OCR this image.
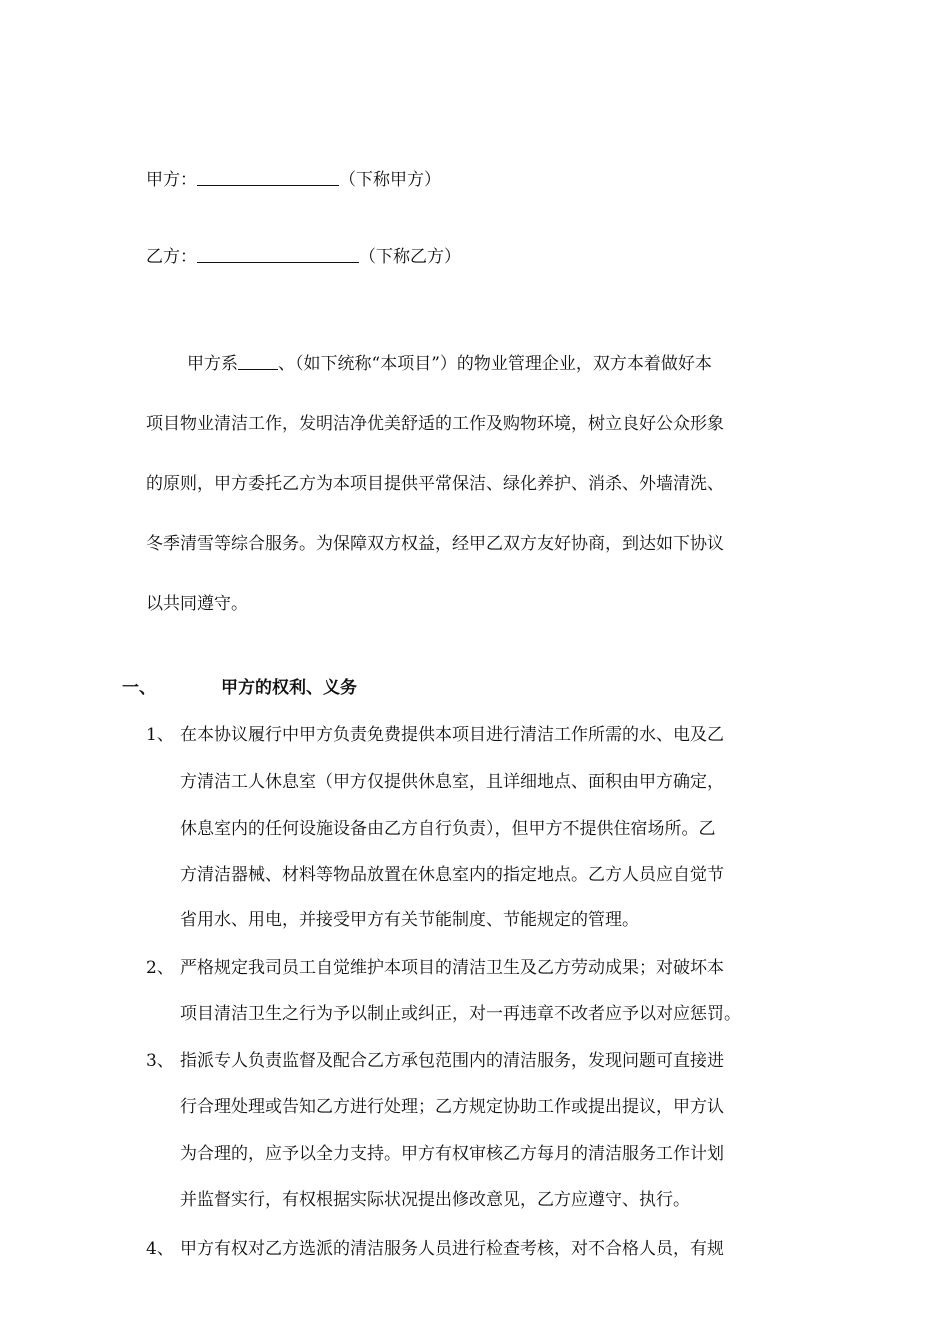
甲方：	（下称甲方）
乙方：	（下称乙方）
甲方系 、（如下统称“本项目”）的物业管理企业，双方本着做好本
项目物业清洁工作，发明洁净优美舒适的工作及购物环境，树立良好公众形象
的原则，甲方委托乙方为本项目提供平常保洁、绿化养护、消杀、外墙清洗、
冬季清雪等综合服务。为保障双方权益，经甲乙双方友好协商，到达如下协议
以共同遵守。
一、	甲方的权利、义务
1、 在本协议履行中甲方负责免费提供本项目进行清洁工作所需的水、电及乙
方清洁工人休息室（甲方仅提供休息室，且详细地点、面积由甲方确定，
休息室内的任何设施设备由乙方自行负责），但甲方不提供住宿场所。乙
方清洁器械、材料等物品放置在休息室内的指定地点。乙方人员应自觉节
省用水、用电，并接受甲方有关节能制度、节能规定的管理。
2、 严格规定我司员工自觉维护本项目的清洁卫生及乙方劳动成果；对破坏本
项目清洁卫生之行为予以制止或纠正，对一再违章不改者应予以对应惩罚。
3、 指派专人负责监督及配合乙方承包范围内的清洁服务，发现问题可直接进
行合理处理或告知乙方进行处理；乙方规定协助工作或提出提议，甲方认
为合理的，应予以全力支持。甲方有权审核乙方每月的清洁服务工作计划
并监督实行，有权根据实际状况提出修改意见，乙方应遵守、执行。
4、 甲方有权对乙方选派的清洁服务人员进行检查考核，对不合格人员，有规
